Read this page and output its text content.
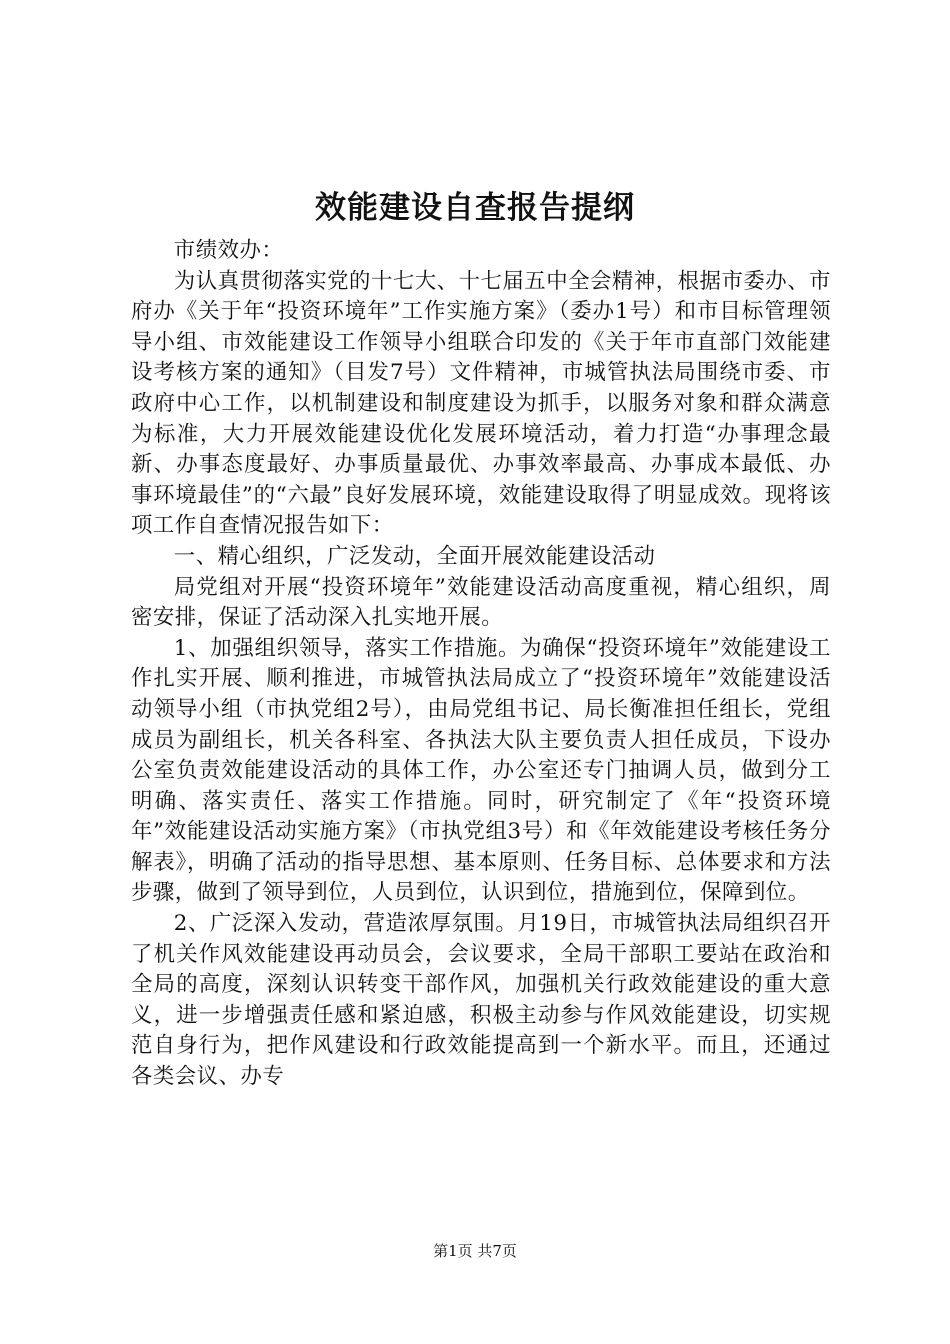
效能建设自查报告提纲

市绩效办：

为认真贯彻落实党的十七大、十七届五中全会精神，根据市委办、市府办《关于年“投资环境年”工作实施方案》（委办1号）和市目标管理领导小组、市效能建设工作领导小组联合印发的《关于年市直部门效能建设考核方案的通知》（目发7号）文件精神，市城管执法局围绕市委、市政府中心工作，以机制建设和制度建设为抓手，以服务对象和群众满意为标准，大力开展效能建设优化发展环境活动，着力打造“办事理念最新、办事态度最好、办事质量最优、办事效率最高、办事成本最低、办事环境最佳”的“六最”良好发展环境，效能建设取得了明显成效。现将该项工作自查情况报告如下：

一、精心组织，广泛发动，全面开展效能建设活动

局党组对开展“投资环境年”效能建设活动高度重视，精心组织，周密安排，保证了活动深入扎实地开展。

1、加强组织领导，落实工作措施。为确保“投资环境年”效能建设工作扎实开展、顺利推进，市城管执法局成立了“投资环境年”效能建设活动领导小组（市执党组2号），由局党组书记、局长衡准担任组长，党组成员为副组长，机关各科室、各执法大队主要负责人担任成员，下设办公室负责效能建设活动的具体工作，办公室还专门抽调人员，做到分工明确、落实责任、落实工作措施。同时，研究制定了《年“投资环境年”效能建设活动实施方案》（市执党组3号）和《年效能建设考核任务分解表》，明确了活动的指导思想、基本原则、任务目标、总体要求和方法步骤，做到了领导到位，人员到位，认识到位，措施到位，保障到位。

2、广泛深入发动，营造浓厚氛围。月19日，市城管执法局组织召开了机关作风效能建设再动员会，会议要求，全局干部职工要站在政治和全局的高度，深刻认识转变干部作风，加强机关行政效能建设的重大意义，进一步增强责任感和紧迫感，积极主动参与作风效能建设，切实规范自身行为，把作风建设和行政效能提高到一个新水平。而且，还通过各类会议、办专

第1页 共7页
